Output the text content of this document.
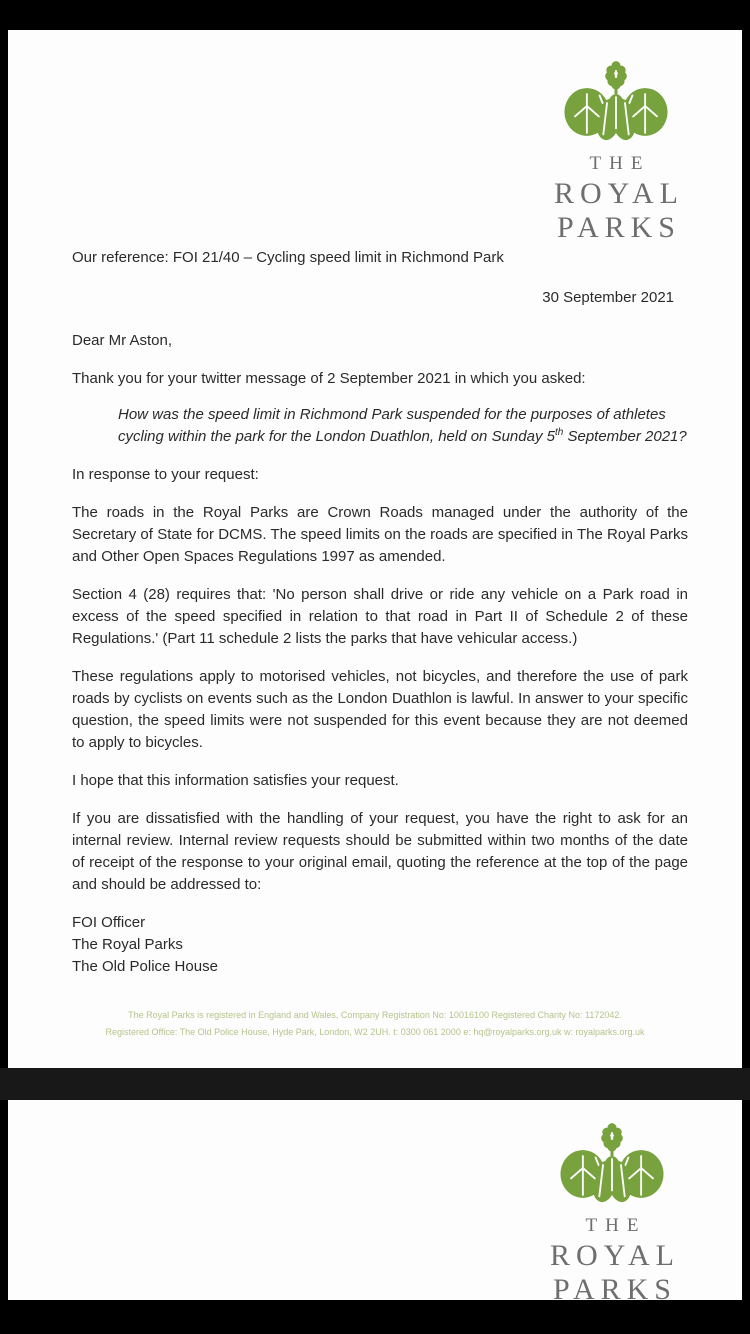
THE
ROYAL
PARKS

Our reference: FOI 21/40 – Cycling speed limit in Richmond Park

30 September 2021

Dear Mr Aston,

Thank you for your twitter message of 2 September 2021 in which you asked:

How was the speed limit in Richmond Park suspended for the purposes of athletes cycling within the park for the London Duathlon, held on Sunday 5th September 2021?

In response to your request:

The roads in the Royal Parks are Crown Roads managed under the authority of the Secretary of State for DCMS. The speed limits on the roads are specified in The Royal Parks and Other Open Spaces Regulations 1997 as amended.

Section 4 (28) requires that: 'No person shall drive or ride any vehicle on a Park road in excess of the speed specified in relation to that road in Part II of Schedule 2 of these Regulations.' (Part 11 schedule 2 lists the parks that have vehicular access.)

These regulations apply to motorised vehicles, not bicycles, and therefore the use of park roads by cyclists on events such as the London Duathlon is lawful. In answer to your specific question, the speed limits were not suspended for this event because they are not deemed to apply to bicycles.

I hope that this information satisfies your request.

If you are dissatisfied with the handling of your request, you have the right to ask for an internal review. Internal review requests should be submitted within two months of the date of receipt of the response to your original email, quoting the reference at the top of the page and should be addressed to:

FOI Officer
The Royal Parks
The Old Police House
The Royal Parks is registered in England and Wales, Company Registration No: 10016100 Registered Charity No: 1172042.
Registered Office: The Old Police House, Hyde Park, London, W2 2UH. t: 0300 061 2000 e: hq@royalparks.org.uk w: royalparks.org.uk
THE
ROYAL
PARKS
